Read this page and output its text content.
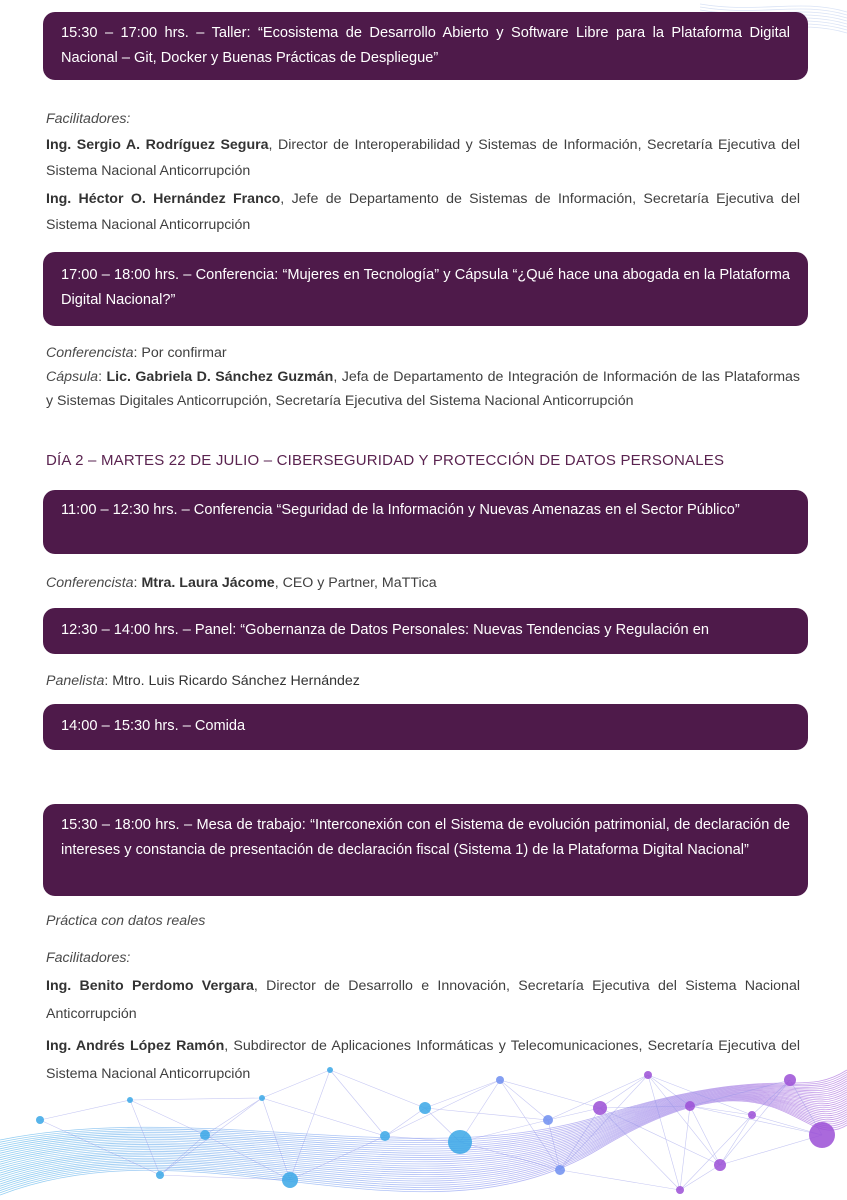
15:30 – 17:00 hrs. – Taller: “Ecosistema de Desarrollo Abierto y Software Libre para la Plataforma Digital Nacional – Git, Docker y Buenas Prácticas de Despliegue”
Facilitadores:
Ing. Sergio A. Rodríguez Segura, Director de Interoperabilidad y Sistemas de Información, Secretaría Ejecutiva del Sistema Nacional Anticorrupción
Ing. Héctor O. Hernández Franco, Jefe de Departamento de Sistemas de Información, Secretaría Ejecutiva del Sistema Nacional Anticorrupción
17:00 – 18:00 hrs. – Conferencia: “Mujeres en Tecnología” y Cápsula “¿Qué hace una abogada en la Plataforma Digital Nacional?”
Conferencista: Por confirmar
Cápsula: Lic. Gabriela D. Sánchez Guzmán, Jefa de Departamento de Integración de Información de las Plataformas y Sistemas Digitales Anticorrupción, Secretaría Ejecutiva del Sistema Nacional Anticorrupción
DÍA 2 – MARTES 22 DE JULIO – CIBERSEGURIDAD Y PROTECCIÓN DE DATOS PERSONALES
11:00 – 12:30 hrs. – Conferencia “Seguridad de la Información y Nuevas Amenazas en el Sector Público”
Conferencista: Mtra. Laura Jácome, CEO y Partner, MaTTica
12:30 – 14:00 hrs. – Panel: “Gobernanza de Datos Personales: Nuevas Tendencias y Regulación en
Panelista: Mtro. Luis Ricardo Sánchez Hernández
14:00 – 15:30 hrs. – Comida
15:30 – 18:00 hrs. – Mesa de trabajo: “Interconexión con el Sistema de evolución patrimonial, de declaración de intereses y constancia de presentación de declaración fiscal (Sistema 1) de la Plataforma Digital Nacional”
Práctica con datos reales
Facilitadores:
Ing. Benito Perdomo Vergara, Director de Desarrollo e Innovación, Secretaría Ejecutiva del Sistema Nacional Anticorrupción
Ing. Andrés López Ramón, Subdirector de Aplicaciones Informáticas y Telecomunicaciones, Secretaría Ejecutiva del Sistema Nacional Anticorrupción
